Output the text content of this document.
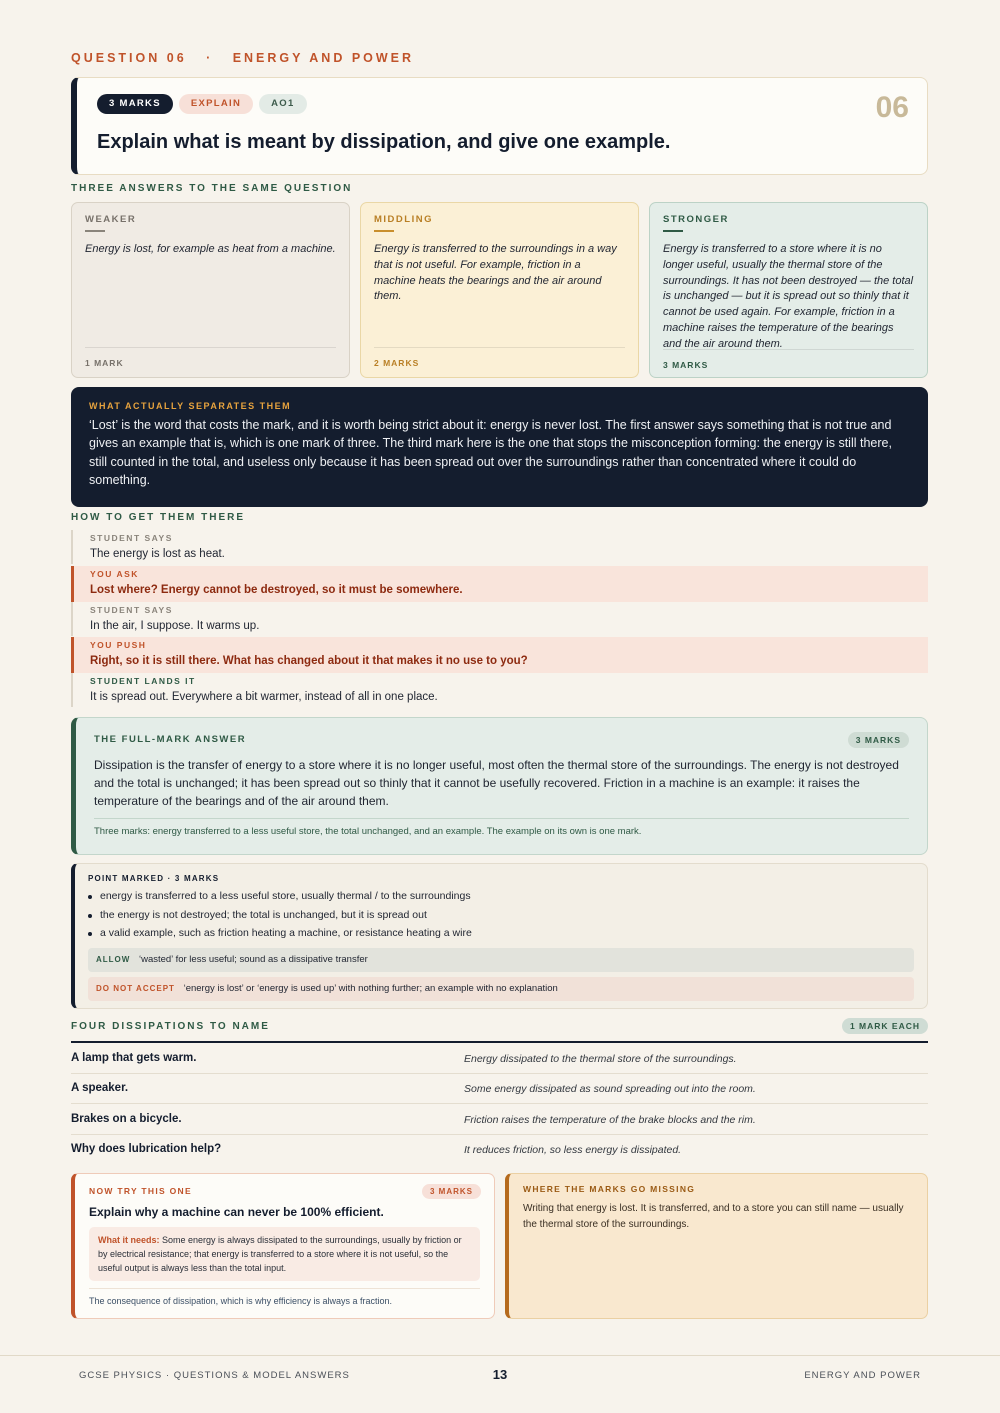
QUESTION 06 · ENERGY AND POWER
3 MARKS	EXPLAIN	AO1	06
Explain what is meant by dissipation, and give one example.
THREE ANSWERS TO THE SAME QUESTION
WEAKER
Energy is lost, for example as heat from a machine.
1 MARK
MIDDLING
Energy is transferred to the surroundings in a way that is not useful. For example, friction in a machine heats the bearings and the air around them.
2 MARKS
STRONGER
Energy is transferred to a store where it is no longer useful, usually the thermal store of the surroundings. It has not been destroyed — the total is unchanged — but it is spread out so thinly that it cannot be used again. For example, friction in a machine raises the temperature of the bearings and the air around them.
3 MARKS
WHAT ACTUALLY SEPARATES THEM
‘Lost’ is the word that costs the mark, and it is worth being strict about it: energy is never lost. The first answer says something that is not true and gives an example that is, which is one mark of three. The third mark here is the one that stops the misconception forming: the energy is still there, still counted in the total, and useless only because it has been spread out over the surroundings rather than concentrated where it could do something.
HOW TO GET THEM THERE
STUDENT SAYS
The energy is lost as heat.
YOU ASK
Lost where? Energy cannot be destroyed, so it must be somewhere.
STUDENT SAYS
In the air, I suppose. It warms up.
YOU PUSH
Right, so it is still there. What has changed about it that makes it no use to you?
STUDENT LANDS IT
It is spread out. Everywhere a bit warmer, instead of all in one place.
THE FULL-MARK ANSWER	3 MARKS
Dissipation is the transfer of energy to a store where it is no longer useful, most often the thermal store of the surroundings. The energy is not destroyed and the total is unchanged; it has been spread out so thinly that it cannot be usefully recovered. Friction in a machine is an example: it raises the temperature of the bearings and of the air around them.
Three marks: energy transferred to a less useful store, the total unchanged, and an example. The example on its own is one mark.
POINT MARKED · 3 MARKS
energy is transferred to a less useful store, usually thermal / to the surroundings
the energy is not destroyed; the total is unchanged, but it is spread out
a valid example, such as friction heating a machine, or resistance heating a wire
ALLOW ‘wasted’ for less useful; sound as a dissipative transfer
DO NOT ACCEPT ‘energy is lost’ or ‘energy is used up’ with nothing further; an example with no explanation
FOUR DISSIPATIONS TO NAME	1 MARK EACH
A lamp that gets warm.	Energy dissipated to the thermal store of the surroundings.
A speaker.	Some energy dissipated as sound spreading out into the room.
Brakes on a bicycle.	Friction raises the temperature of the brake blocks and the rim.
Why does lubrication help?	It reduces friction, so less energy is dissipated.
NOW TRY THIS ONE	3 MARKS
Explain why a machine can never be 100% efficient.
What it needs: Some energy is always dissipated to the surroundings, usually by friction or by electrical resistance; that energy is transferred to a store where it is not useful, so the useful output is always less than the total input.
The consequence of dissipation, which is why efficiency is always a fraction.
WHERE THE MARKS GO MISSING
Writing that energy is lost. It is transferred, and to a store you can still name — usually the thermal store of the surroundings.
GCSE PHYSICS · QUESTIONS & MODEL ANSWERS	13	ENERGY AND POWER
